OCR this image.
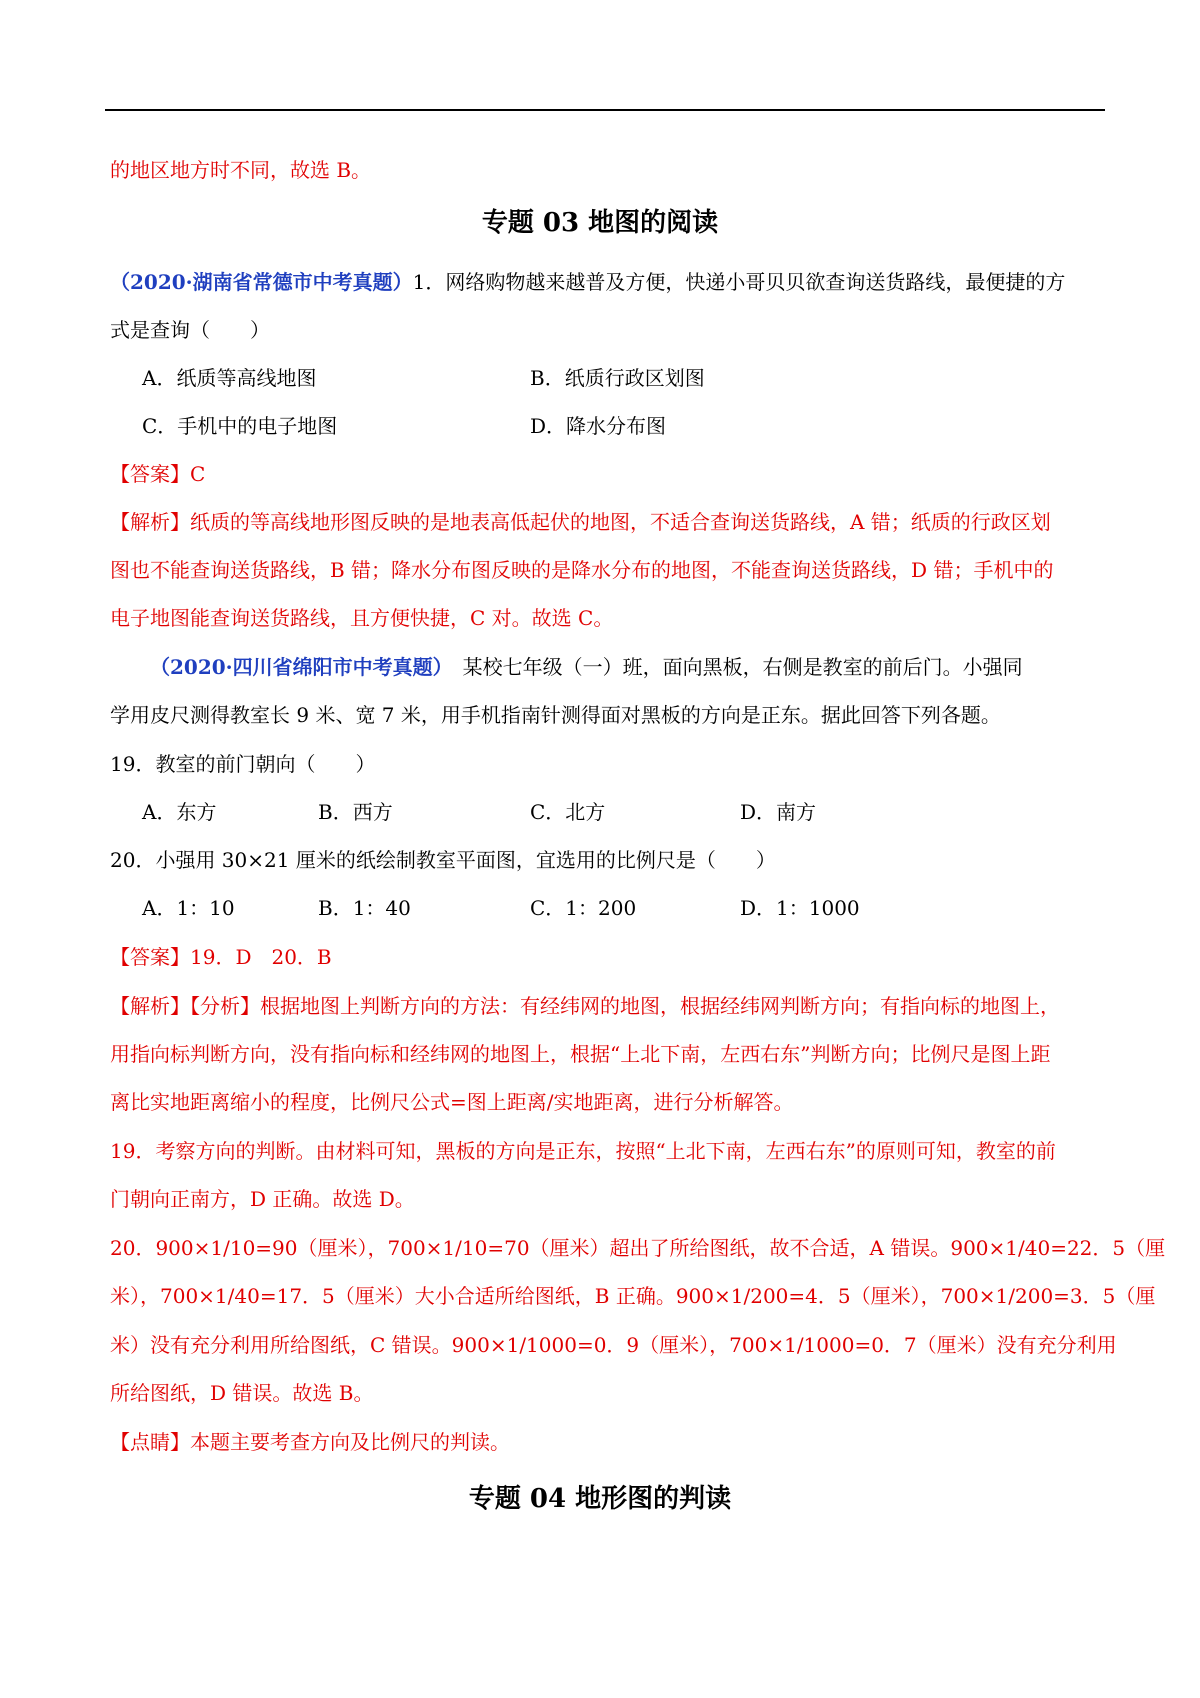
的地区地方时不同，故选 B。
专题 03 地图的阅读
（2020·湖南省常德市中考真题）1．网络购物越来越普及方便，快递小哥贝贝欲查询送货路线，最便捷的方
式是查询（　　）
A．纸质等高线地图	B．纸质行政区划图
C．手机中的电子地图	D．降水分布图
【答案】C
【解析】纸质的等高线地形图反映的是地表高低起伏的地图，不适合查询送货路线，A 错；纸质的行政区划
图也不能查询送货路线，B 错；降水分布图反映的是降水分布的地图，不能查询送货路线，D 错；手机中的
电子地图能查询送货路线，且方便快捷，C 对。故选 C。
（2020·四川省绵阳市中考真题）　某校七年级（一）班，面向黑板，右侧是教室的前后门。小强同
学用皮尺测得教室长 9 米、宽 7 米，用手机指南针测得面对黑板的方向是正东。据此回答下列各题。
19．教室的前门朝向（　　）
A．东方	B．西方	C．北方	D．南方
20．小强用 30×21 厘米的纸绘制教室平面图，宜选用的比例尺是（　　）
A．1：10	B．1：40	C．1：200	D．1：1000
【答案】19．D　20．B
【解析】【分析】根据地图上判断方向的方法：有经纬网的地图，根据经纬网判断方向；有指向标的地图上，
用指向标判断方向，没有指向标和经纬网的地图上，根据“上北下南，左西右东”判断方向；比例尺是图上距
离比实地距离缩小的程度，比例尺公式=图上距离/实地距离，进行分析解答。
19．考察方向的判断。由材料可知，黑板的方向是正东，按照“上北下南，左西右东”的原则可知，教室的前
门朝向正南方，D 正确。故选 D。
20．900×1/10=90（厘米），700×1/10=70（厘米）超出了所给图纸，故不合适，A 错误。900×1/40=22．5（厘
米），700×1/40=17．5（厘米）大小合适所给图纸，B 正确。900×1/200=4．5（厘米），700×1/200=3．5（厘
米）没有充分利用所给图纸，C 错误。900×1/1000=0．9（厘米），700×1/1000=0．7（厘米）没有充分利用
所给图纸，D 错误。故选 B。
【点睛】本题主要考查方向及比例尺的判读。
专题 04 地形图的判读
